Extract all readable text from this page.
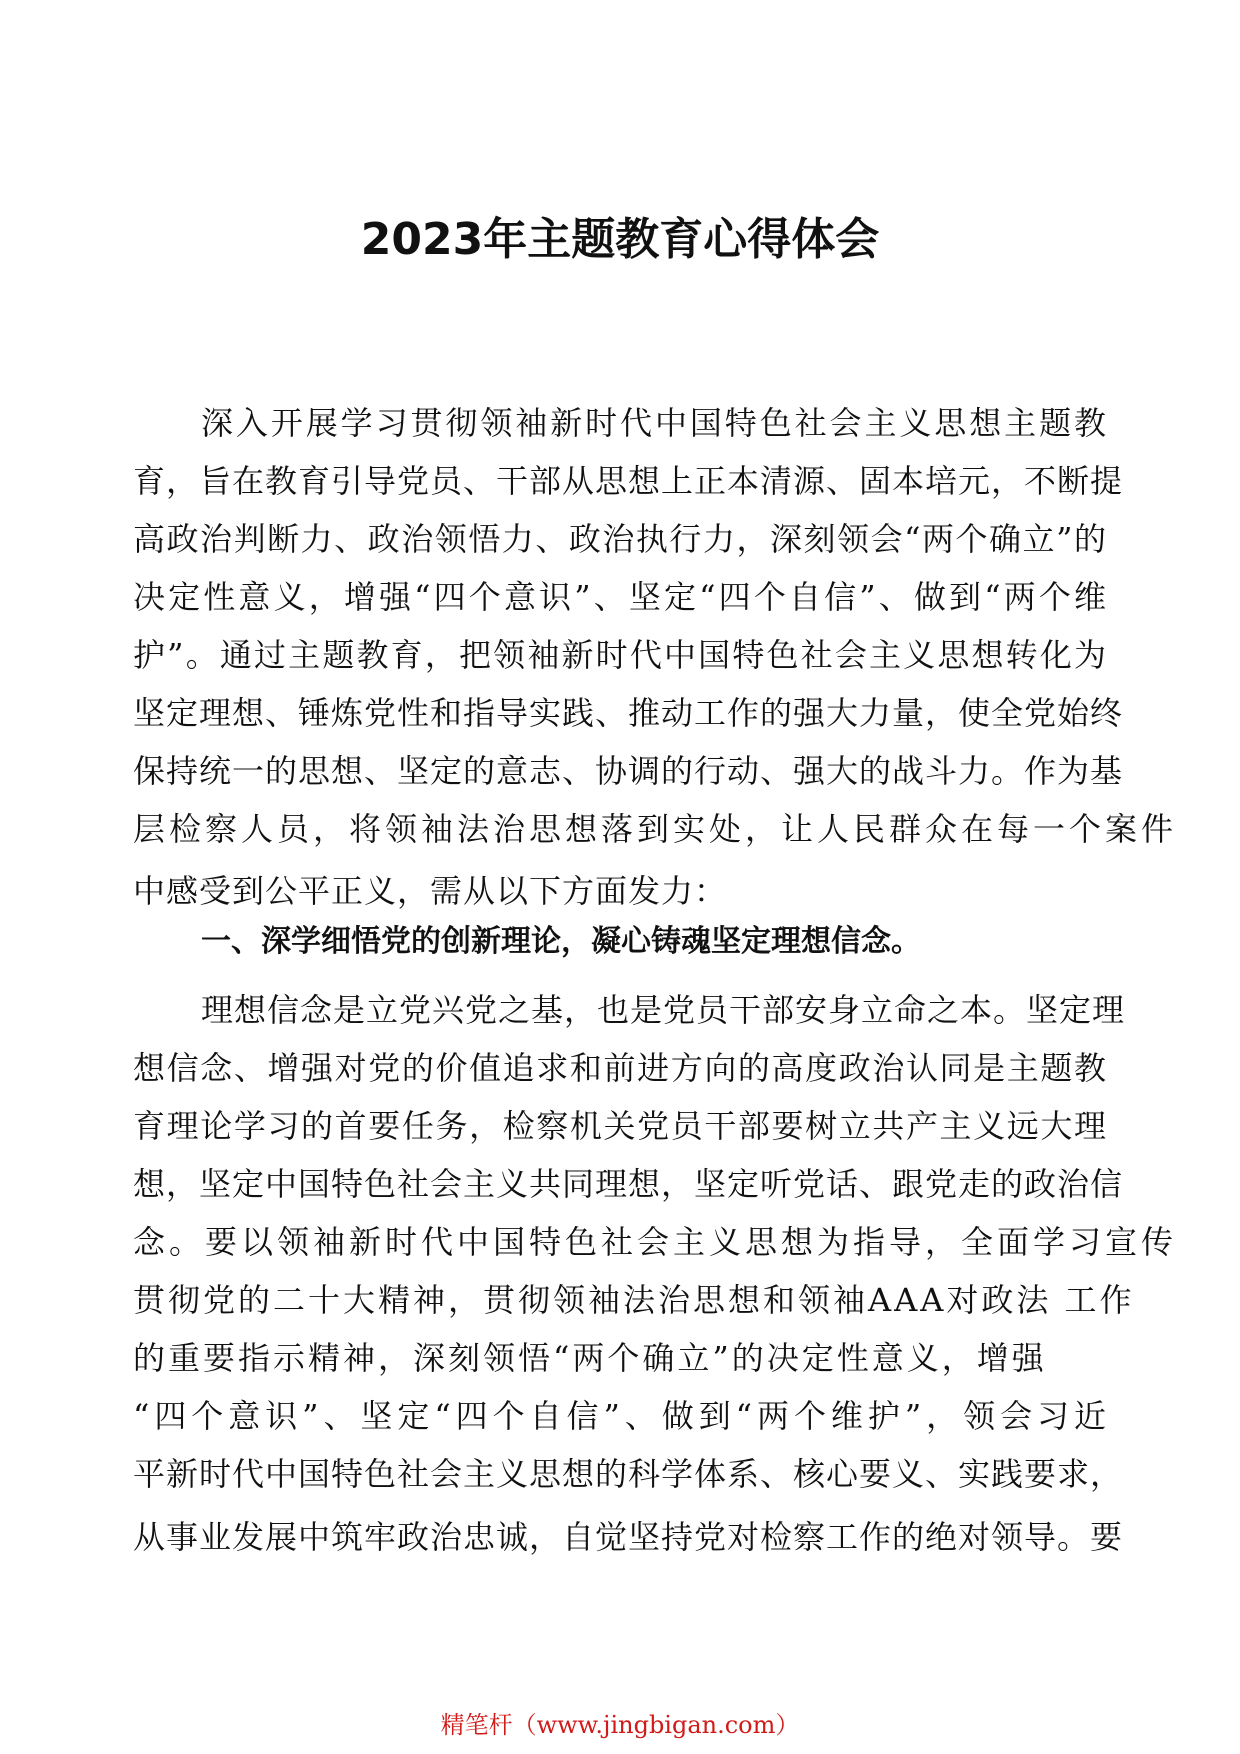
2023年主题教育心得体会
深入开展学习贯彻领袖新时代中国特色社会主义思想主题教
育，旨在教育引导党员、干部从思想上正本清源、固本培元，不断提
高政治判断力、政治领悟力、政治执行力，深刻领会“两个确立”的
决定性意义，增强“四个意识”、坚定“四个自信”、做到“两个维
护”。通过主题教育，把领袖新时代中国特色社会主义思想转化为
坚定理想、锤炼党性和指导实践、推动工作的强大力量，使全党始终
保持统一的思想、坚定的意志、协调的行动、强大的战斗力。作为基
层检察人员，将领袖法治思想落到实处，让人民群众在每一个案件
中感受到公平正义，需从以下方面发力：
一、深学细悟党的创新理论，凝心铸魂坚定理想信念。
理想信念是立党兴党之基，也是党员干部安身立命之本。坚定理
想信念、增强对党的价值追求和前进方向的高度政治认同是主题教
育理论学习的首要任务，检察机关党员干部要树立共产主义远大理
想，坚定中国特色社会主义共同理想，坚定听党话、跟党走的政治信
念。要以领袖新时代中国特色社会主义思想为指导，全面学习宣传
贯彻党的二十大精神，贯彻领袖法治思想和领袖AAA对政法 工作
的重要指示精神，深刻领悟“两个确立”的决定性意义，增强
“四个意识”、坚定“四个自信”、做到“两个维护”，领会习近
平新时代中国特色社会主义思想的科学体系、核心要义、实践要求，
从事业发展中筑牢政治忠诚，自觉坚持党对检察工作的绝对领导。要
精笔杆（www.jingbigan.com）
